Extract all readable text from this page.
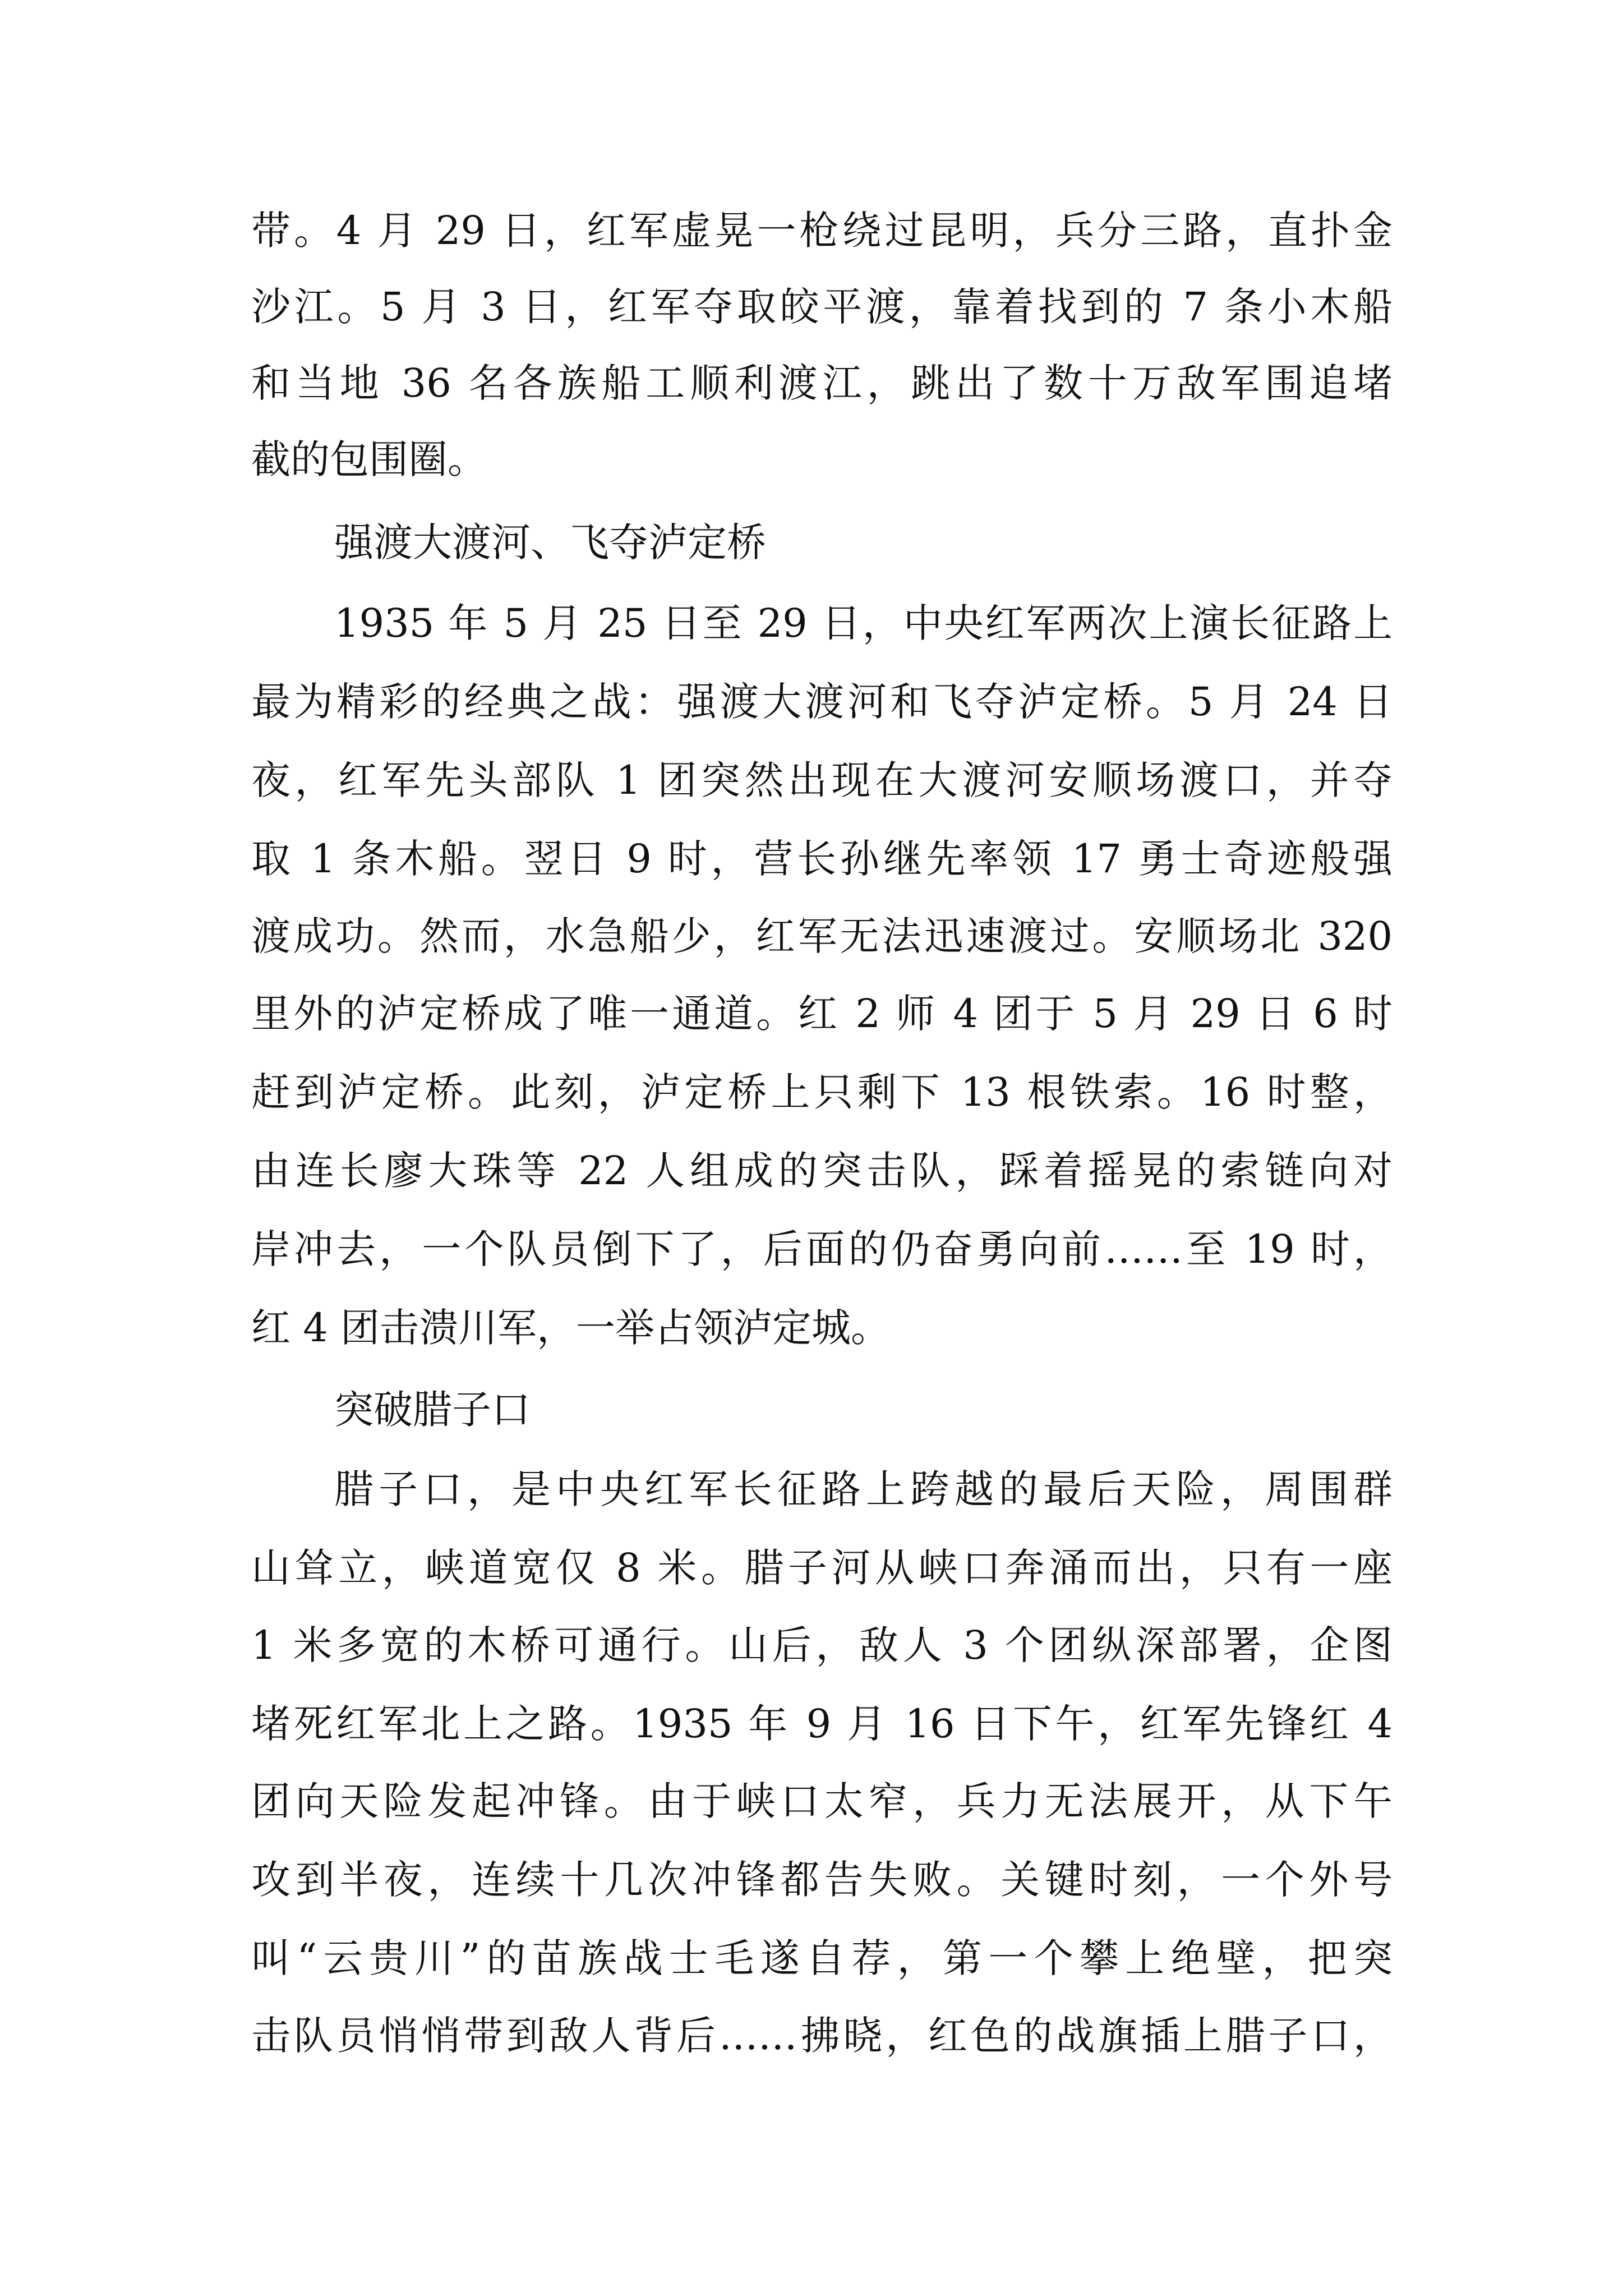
带。4 月 29 日，红军虚晃一枪绕过昆明，兵分三路，直扑金
沙江。5 月 3 日，红军夺取皎平渡，靠着找到的 7 条小木船
和当地 36 名各族船工顺利渡江，跳出了数十万敌军围追堵
截的包围圈。
强渡大渡河、飞夺泸定桥
1935 年 5 月 25 日至 29 日，中央红军两次上演长征路上
最为精彩的经典之战：强渡大渡河和飞夺泸定桥。5 月 24 日
夜，红军先头部队 1 团突然出现在大渡河安顺场渡口，并夺
取 1 条木船。翌日 9 时，营长孙继先率领 17 勇士奇迹般强
渡成功。然而，水急船少，红军无法迅速渡过。安顺场北 320
里外的泸定桥成了唯一通道。红 2 师 4 团于 5 月 29 日 6 时
赶到泸定桥。此刻，泸定桥上只剩下 13 根铁索。16 时整，
由连长廖大珠等 22 人组成的突击队，踩着摇晃的索链向对
岸冲去，一个队员倒下了，后面的仍奋勇向前……至 19 时，
红 4 团击溃川军，一举占领泸定城。
突破腊子口
腊子口，是中央红军长征路上跨越的最后天险，周围群
山耸立，峡道宽仅 8 米。腊子河从峡口奔涌而出，只有一座
1 米多宽的木桥可通行。山后，敌人 3 个团纵深部署，企图
堵死红军北上之路。1935 年 9 月 16 日下午，红军先锋红 4
团向天险发起冲锋。由于峡口太窄，兵力无法展开，从下午
攻到半夜，连续十几次冲锋都告失败。关键时刻，一个外号
叫“云贵川”的苗族战士毛遂自荐，第一个攀上绝壁，把突
击队员悄悄带到敌人背后……拂晓，红色的战旗插上腊子口，
